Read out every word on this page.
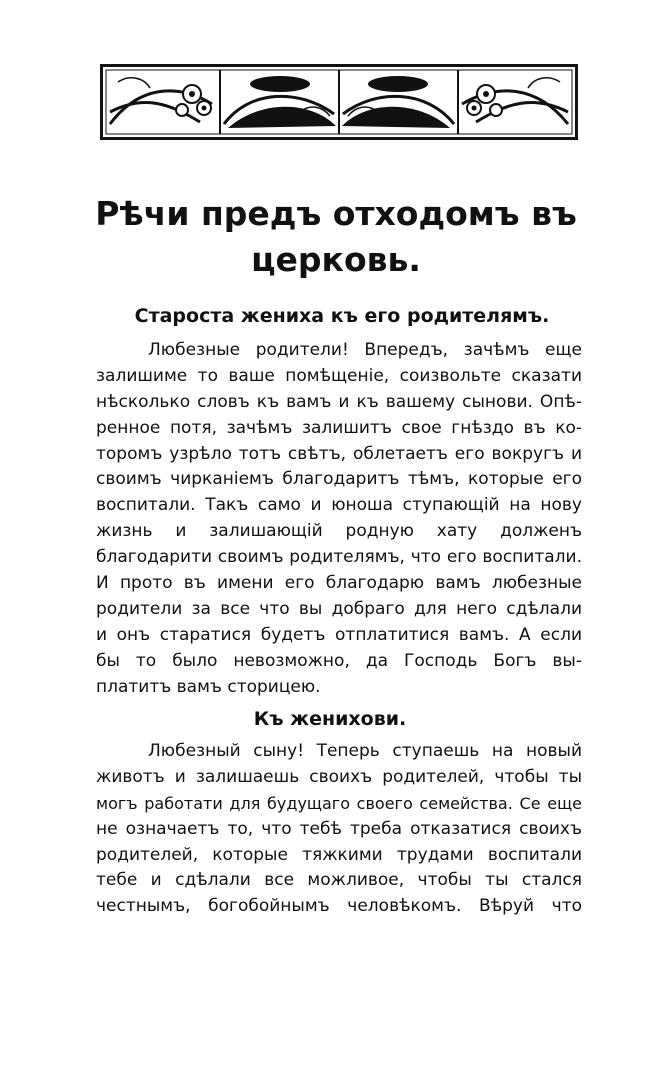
Рѣчи предъ отходомъ въ
церковь.
Староста жениха къ его родителямъ.
Любезные родители! Впередъ, зачѣмъ еще
залишиме то ваше помѣщеніе, соизвольте сказати
нѣсколько словъ къ вамъ и къ вашему сынови. Опѣ-
ренное потя, зачѣмъ залишитъ свое гнѣздо въ ко-
торомъ узрѣло тотъ свѣтъ, облетаетъ его вокругъ и
своимъ чирканіемъ благодаритъ тѣмъ, которые его
воспитали. Такъ само и юноша ступающій на нову
жизнь и залишающій родную хату долженъ
благодарити своимъ родителямъ, что его воспитали.
И прото въ имени его благодарю вамъ любезные
родители за все что вы добраго для него сдѣлали
и онъ старатися будетъ отплатитися вамъ. А если
бы то было невозможно, да Господь Богъ вы-
платитъ вамъ сторицею.
Къ женихови.
Любезный сыну! Теперь ступаешь на новый
животъ и залишаешь своихъ родителей, чтобы ты
могъ работати для будущаго своего семейства. Се еще
не означаетъ то, что тебѣ треба отказатися своихъ
родителей, которые тяжкими трудами воспитали
тебе и сдѣлали все можливое, чтобы ты стался
честнымъ, богобойнымъ человѣкомъ. Вѣруй что
